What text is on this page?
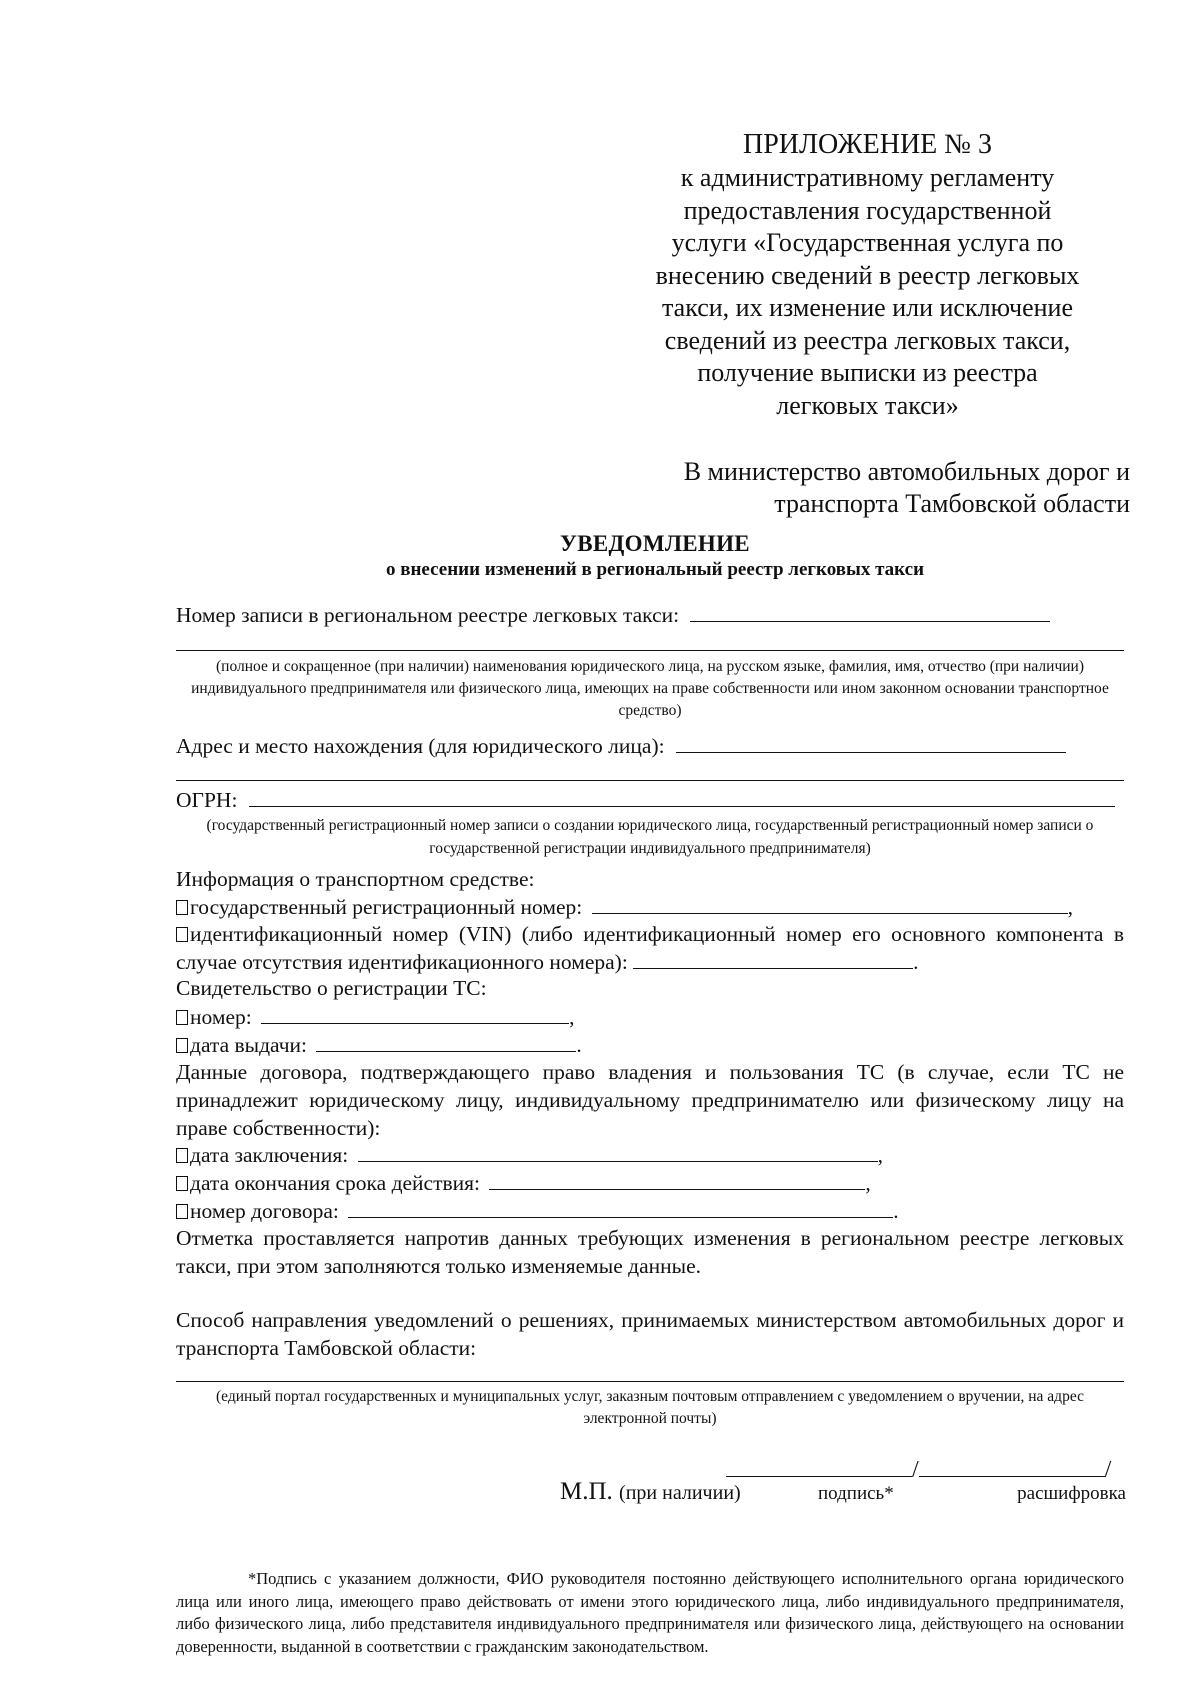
ПРИЛОЖЕНИЕ № 3
к административному регламенту
предоставления государственной
услуги «Государственная услуга по
внесению сведений в реестр легковых
такси, их изменение или исключение
сведений из реестра легковых такси,
получение выписки из реестра
легковых такси»
В министерство автомобильных дорог и
транспорта Тамбовской области
УВЕДОМЛЕНИЕ
о внесении изменений в региональный реестр легковых такси
Номер записи в региональном реестре легковых такси:
(полное и сокращенное (при наличии) наименования юридического лица, на русском языке, фамилия, имя, отчество (при наличии) индивидуального предпринимателя или физического лица, имеющих на праве собственности или ином законном основании транспортное средство)
Адрес и место нахождения (для юридического лица):
ОГРН:
(государственный регистрационный номер записи о создании юридического лица, государственный регистрационный номер записи о государственной регистрации индивидуального предпринимателя)
Информация о транспортном средстве:
государственный регистрационный номер:	,
идентификационный номер (VIN) (либо идентификационный номер его основного компонента в случае отсутствия идентификационного номера):	.
Свидетельство о регистрации ТС:
номер:	,
дата выдачи:	.
Данные договора, подтверждающего право владения и пользования ТС (в случае, если ТС не принадлежит юридическому лицу, индивидуальному предпринимателю или физическому лицу на праве собственности):
дата заключения:	,
дата окончания срока действия:	,
номер договора:	.
Отметка проставляется напротив данных требующих изменения в региональном реестре легковых такси, при этом заполняются только изменяемые данные.
Способ направления уведомлений о решениях, принимаемых министерством автомобильных дорог и транспорта Тамбовской области:
(единый портал государственных и муниципальных услуг, заказным почтовым отправлением с уведомлением о вручении, на адрес электронной почты)
/	/
М.П. (при наличии)	подпись*	расшифровка
*Подпись с указанием должности, ФИО руководителя постоянно действующего исполнительного органа юридического лица или иного лица, имеющего право действовать от имени этого юридического лица, либо индивидуального предпринимателя, либо физического лица, либо представителя индивидуального предпринимателя или физического лица, действующего на основании доверенности, выданной в соответствии с гражданским законодательством.
